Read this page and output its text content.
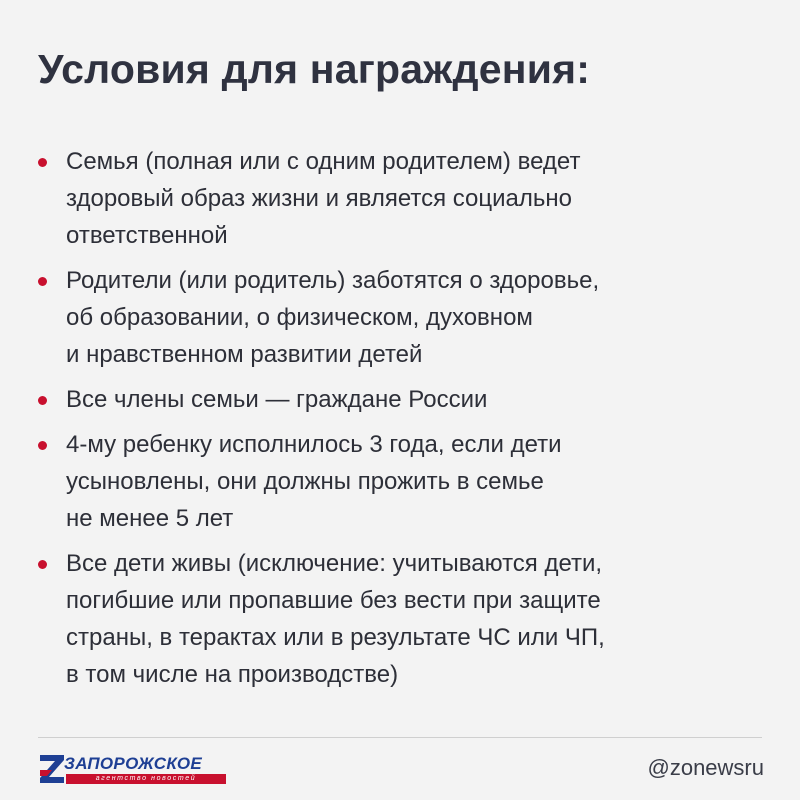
Условия для награждения:
Семья (полная или с одним родителем) ведет
здоровый образ жизни и является социально
ответственной
Родители (или родитель) заботятся о здоровье,
об образовании, о физическом, духовном
и нравственном развитии детей
Все члены семьи — граждане России
4-му ребенку исполнилось 3 года, если дети
усыновлены, они должны прожить в семье
не менее 5 лет
Все дети живы (исключение: учитываются дети,
погибшие или пропавшие без вести при защите
страны, в терактах или в результате ЧС или ЧП,
в том числе на производстве)
ЗАПОРОЖСКОЕ
агентство новостей	@zonewsru
